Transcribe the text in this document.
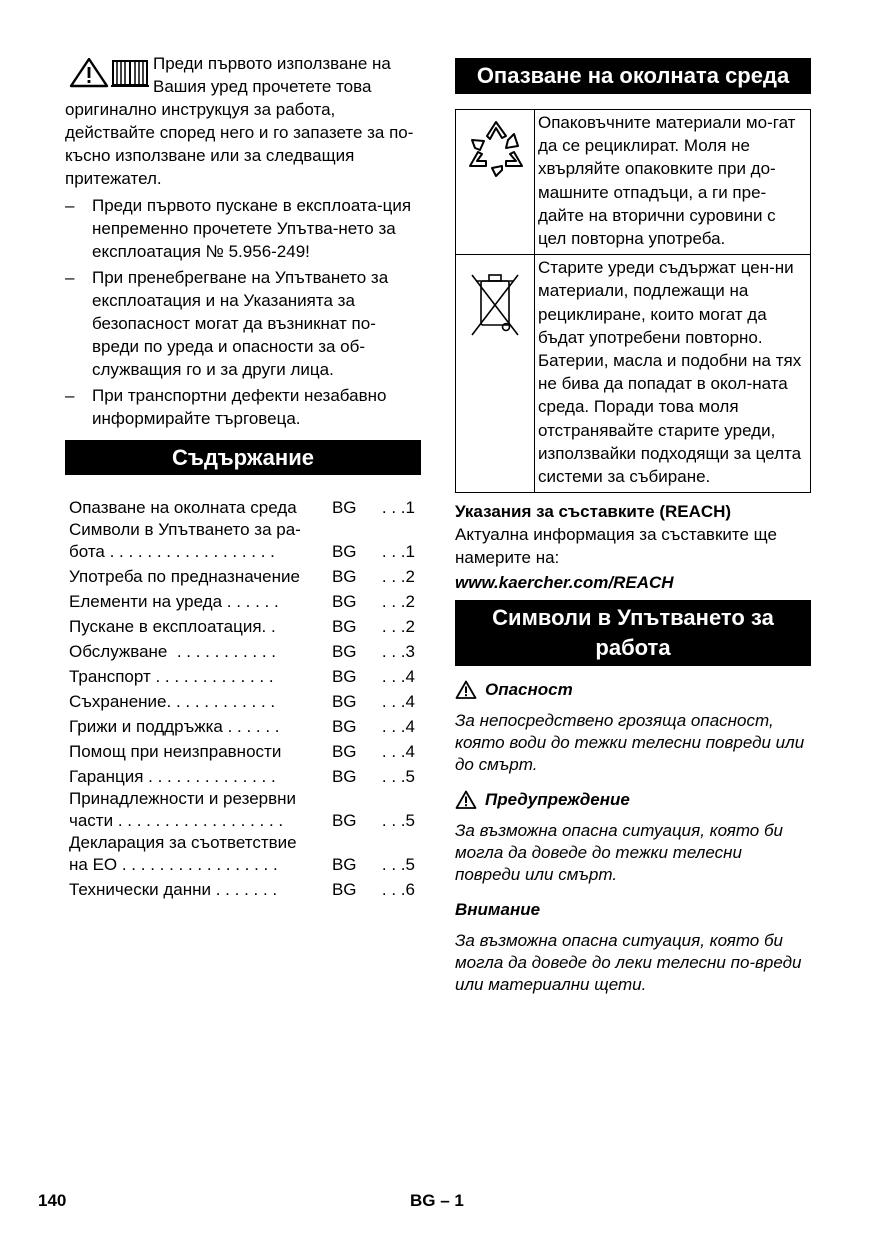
Преди първото използване на
Вашия уред прочетете това
оригинално инструкцуя за работа, действайте според него и го запазете за по-късно използване или за следващия притежател.
– Преди първото пускане в експлоата-ция непременно прочетете Упътва-нето за експлоатация № 5.956-249!
– При пренебрегване на Упътването за експлоатация и на Указанията за безопасност могат да възникнат по-вреди по уреда и опасности за об-служващия го и за други лица.
– При транспортни дефекти незабавно информирайте търговеца.
Съдържание
Опазване на околната среда	BG	. . .1
Символи в Упътването за ра-
бота . . . . . . . . . . . . . . . . . .	BG	. . .1
Употреба по предназначение	BG	. . .2
Елементи на уреда . . . . . .	BG	. . .2
Пускане в експлоатация. .	BG	. . .2
Обслужване  . . . . . . . . . . .	BG	. . .3
Транспорт . . . . . . . . . . . . .	BG	. . .4
Съхранение. . . . . . . . . . . .	BG	. . .4
Грижи и поддръжка . . . . . .	BG	. . .4
Помощ при неизправности	BG	. . .4
Гаранция . . . . . . . . . . . . . .	BG	. . .5
Принадлежности и резервни
части . . . . . . . . . . . . . . . . . .	BG	. . .5
Декларация за съответствие
на ЕО . . . . . . . . . . . . . . . . .	BG	. . .5
Технически данни . . . . . . .	BG	. . .6
Опазване на околната среда
	Опаковъчните материали мо-гат да се рециклират. Моля не хвърляйте опаковките при до-машните отпадъци, а ги пре-дайте на вторични суровини с цел повторна употреба.
	Старите уреди съдържат цен-ни материали, подлежащи на рециклиране, които могат да бъдат употребени повторно. Батерии, масла и подобни на тях не бива да попадат в окол-ната среда. Поради това моля отстранявайте старите уреди, използвайки подходящи за целта системи за събиране.
Указания за съставките (REACH)
Актуална информация за съставките ще намерите на:
www.kaercher.com/REACH
Символи в Упътването за работа
Опасност
За непосредствено грозяща опасност, която води до тежки телесни повреди или до смърт.
Предупреждение
За възможна опасна ситуация, която би могла да доведе до тежки телесни повреди или смърт.
Внимание
За възможна опасна ситуация, която би могла да доведе до леки телесни по-вреди или материални щети.
140	BG – 1
